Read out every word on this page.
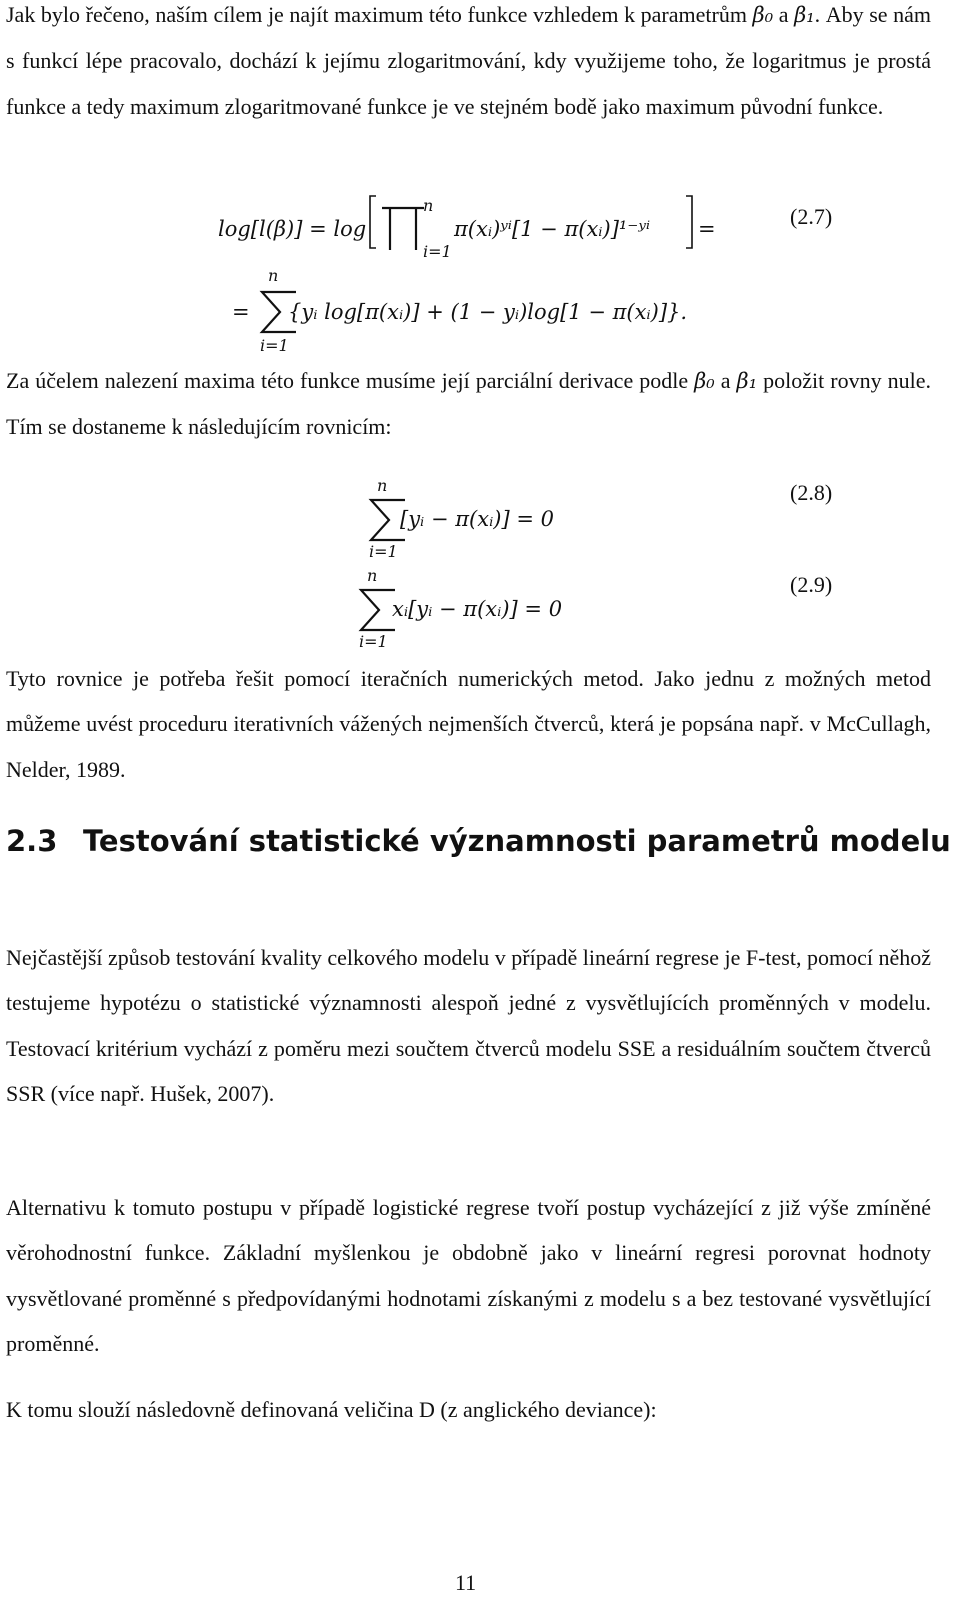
Jak bylo řečeno, naším cílem je najít maximum této funkce vzhledem k parametrům β₀ a β₁. Aby se nám s funkcí lépe pracovalo, dochází k jejímu zlogaritmování, kdy využijeme toho, že logaritmus je prostá funkce a tedy maximum zlogaritmované funkce je ve stejném bodě jako maximum původní funkce.

log[l(β)] = log
n
i=1
π(xᵢ)ʸⁱ[1 − π(xᵢ)]¹⁻ʸⁱ =	(2.7)
=
n
i=1
{yᵢ log[π(xᵢ)] + (1 − yᵢ)log[1 − π(xᵢ)]}.

Za účelem nalezení maxima této funkce musíme její parciální derivace podle β₀ a β₁ položit rovny nule. Tím se dostaneme k následujícím rovnicím:

n
i=1
[yᵢ − π(xᵢ)] = 0
(2.8)
n
i=1
xᵢ[yᵢ − π(xᵢ)] = 0
(2.9)

Tyto rovnice je potřeba řešit pomocí iteračních numerických metod. Jako jednu z možných metod můžeme uvést proceduru iterativních vážených nejmenších čtverců, která je popsána např. v McCullagh, Nelder, 1989.

2.3 Testování statistické významnosti parametrů modelu

Nejčastější způsob testování kvality celkového modelu v případě lineární regrese je F-test, pomocí něhož testujeme hypotézu o statistické významnosti alespoň jedné z vysvětlujících proměnných v modelu. Testovací kritérium vychází z poměru mezi součtem čtverců modelu SSE a residuálním součtem čtverců SSR (více např. Hušek, 2007).

Alternativu k tomuto postupu v případě logistické regrese tvoří postup vycházející z již výše zmíněné věrohodnostní funkce. Základní myšlenkou je obdobně jako v lineární regresi porovnat hodnoty vysvětlované proměnné s předpovídanými hodnotami získanými z modelu s a bez testované vysvětlující proměnné.

K tomu slouží následovně definovaná veličina D (z anglického deviance):

11
